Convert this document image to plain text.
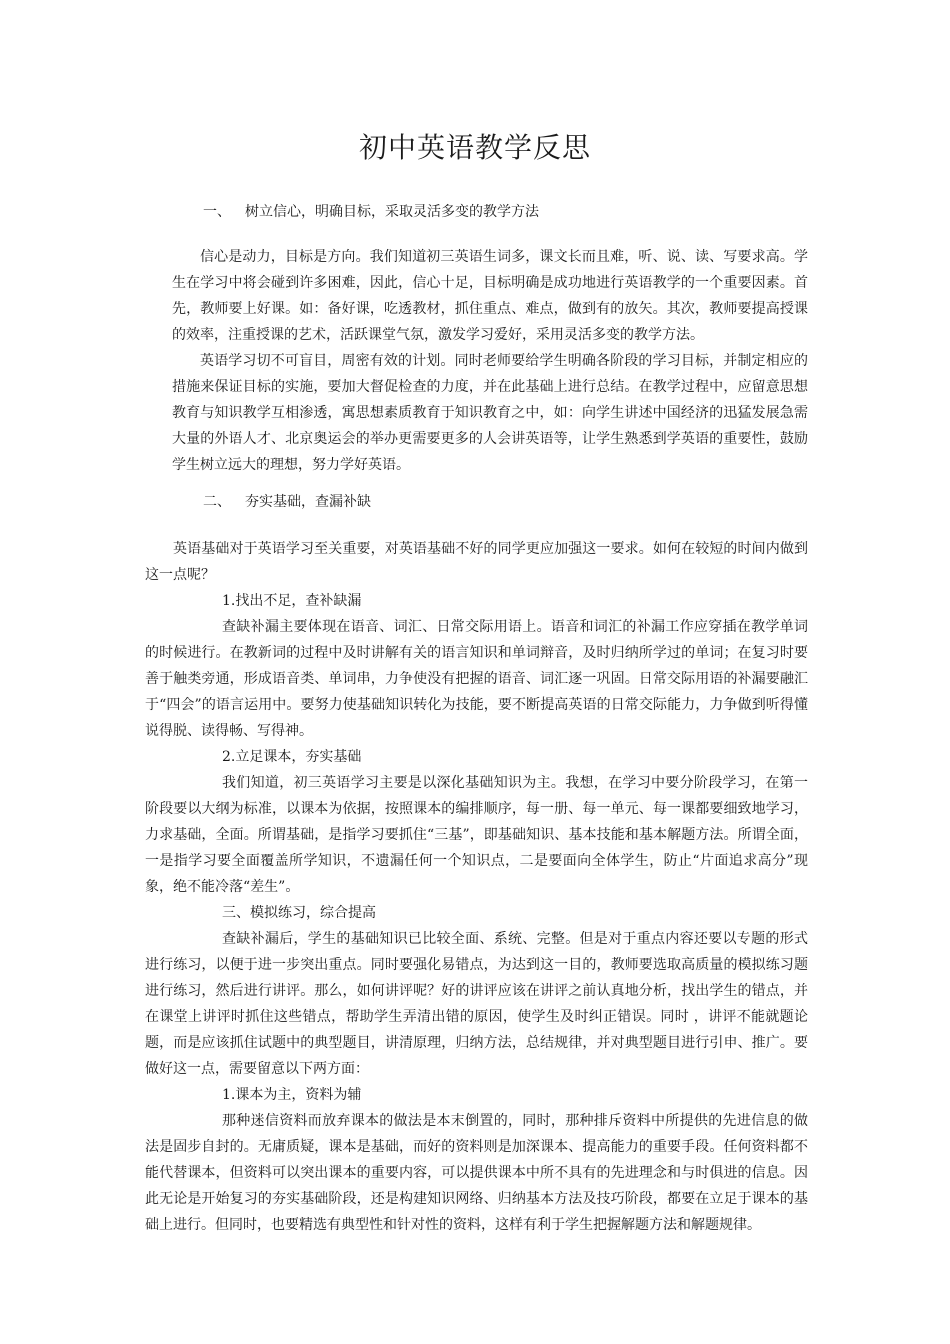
初中英语教学反思
一、 树立信心，明确目标，采取灵活多变的教学方法

信心是动力，目标是方向。我们知道初三英语生词多，课文长而且难，听、说、读、写要求高。学生在学习中将会碰到许多困难，因此，信心十足，目标明确是成功地进行英语教学的一个重要因素。首先，教师要上好课。如：备好课，吃透教材，抓住重点、难点，做到有的放矢。其次，教师要提高授课的效率，注重授课的艺术，活跃课堂气氛，激发学习爱好，采用灵活多变的教学方法。

英语学习切不可盲目，周密有效的计划。同时老师要给学生明确各阶段的学习目标，并制定相应的措施来保证目标的实施，要加大督促检查的力度，并在此基础上进行总结。在教学过程中，应留意思想教育与知识教学互相渗透，寓思想素质教育于知识教育之中，如：向学生讲述中国经济的迅猛发展急需大量的外语人才、北京奥运会的举办更需要更多的人会讲英语等，让学生熟悉到学英语的重要性，鼓励学生树立远大的理想，努力学好英语。

二、 夯实基础，查漏补缺

英语基础对于英语学习至关重要，对英语基础不好的同学更应加强这一要求。如何在较短的时间内做到这一点呢？

1.找出不足，查补缺漏

查缺补漏主要体现在语音、词汇、日常交际用语上。语音和词汇的补漏工作应穿插在教学单词的时候进行。在教新词的过程中及时讲解有关的语言知识和单词辩音，及时归纳所学过的单词；在复习时要善于触类旁通，形成语音类、单词串，力争使没有把握的语音、词汇逐一巩固。日常交际用语的补漏要融汇于“四会”的语言运用中。要努力使基础知识转化为技能，要不断提高英语的日常交际能力，力争做到听得懂说得脱、读得畅、写得神。

2.立足课本，夯实基础

我们知道，初三英语学习主要是以深化基础知识为主。我想，在学习中要分阶段学习，在第一阶段要以大纲为标准，以课本为依据，按照课本的编排顺序，每一册、每一单元、每一课都要细致地学习，力求基础，全面。所谓基础，是指学习要抓住“三基”，即基础知识、基本技能和基本解题方法。所谓全面，一是指学习要全面覆盖所学知识，不遗漏任何一个知识点，二是要面向全体学生，防止“片面追求高分”现象，绝不能冷落“差生”。

三、模拟练习，综合提高

查缺补漏后，学生的基础知识已比较全面、系统、完整。但是对于重点内容还要以专题的形式进行练习，以便于进一步突出重点。同时要强化易错点，为达到这一目的，教师要选取高质量的模拟练习题进行练习，然后进行讲评。那么，如何讲评呢？好的讲评应该在讲评之前认真地分析，找出学生的错点，并在课堂上讲评时抓住这些错点，帮助学生弄清出错的原因，使学生及时纠正错误。同时 ，讲评不能就题论题，而是应该抓住试题中的典型题目，讲清原理，归纳方法，总结规律，并对典型题目进行引申、推广。要做好这一点，需要留意以下两方面：

1.课本为主，资料为辅

那种迷信资料而放弃课本的做法是本末倒置的，同时，那种排斥资料中所提供的先进信息的做法是固步自封的。无庸质疑，课本是基础，而好的资料则是加深课本、提高能力的重要手段。任何资料都不能代替课本，但资料可以突出课本的重要内容，可以提供课本中所不具有的先进理念和与时俱进的信息。因此无论是开始复习的夯实基础阶段，还是构建知识网络、归纳基本方法及技巧阶段，都要在立足于课本的基础上进行。但同时，也要精选有典型性和针对性的资料，这样有利于学生把握解题方法和解题规律。
